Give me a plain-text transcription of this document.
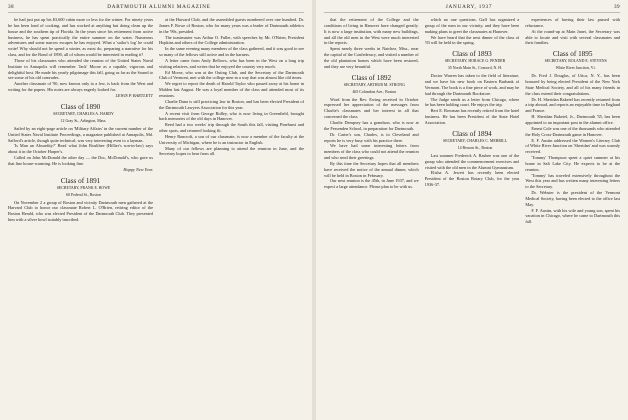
38	DARTMOUTH ALUMNI MAGAZINE

he had just put up his $3,600 cabin more or less for the winter. For ninety years he has been fond of cooking, and has worked at anything but doing clean up the house and the southern tip of Florida. In the years since his retirement from active business, he has spent practically the entire summer on the water. Numerous adventures and some narrow escapes he has enjoyed. What a 'sailor's log' he could write! Why should not he spend a winter, as most do, preparing a narrative for his class, and for the Bond of 1890, all of whom would be interested in reading it?

Those of his classmates who attended the reunion of the United States Naval Institute in Annapolis will remember 'Jack' Moore as a capable, vigorous and delightful host. He made his yearly pilgrimage this fall, going as far as the Sound to see some of his old comrades.

Another classmate of '90, now known only to a few, is back from the West and writing for the papers. His notes are always eagerly looked for.

LEWIS P. BARTLETT

Class of 1890

SECRETARY, CHARLES A. HARDY

12 Gray St., Arlington, Mass.

Sailed by an eight-page article on 'Military Affairs' in the current number of the United States Naval Institute Proceedings, a magazine published at Annapolis, Md. Safford's article, though quite technical, was very interesting even to a layman.

'Is Man an Absurdity?' Read what John Boultbee (Hillier's son-in-law) says about it in the October Harper's.

Called on John McDonald the other day — the Doc, McDonald's, who gave us that fine house-warming. He is looking fine.

Happy New Year.

Class of 1891

SECRETARY, FRANK E. ROWE

60 Federal St., Boston

On November 2 a group of Boston and vicinity Dartmouth men gathered at the Harvard Club to honor our classmate Robert L. O'Brien, retiring editor of the Boston Herald, who was elected President of the Dartmouth Club. They presented him with a silver bowl suitably inscribed.

at the Harvard Club, and the assembled guests numbered over one hundred. Dr. James F. Rowe of Boston, who for many years was a leader of Dartmouth athletics in the '90s, presided.

The toastmaster was Arthur O. Fuller, with speeches by Mr. O'Brien, President Hopkins and others of the College administration.

In the same evening many members of the class gathered, and it was good to see so many of the fellows still active and in the harness.

A letter came from Andy Bellows, who has been in the West on a long trip visiting relatives, and writes that he enjoyed the country very much.

Ed Morse, who was at the Outing Club, and the Secretary of the Dartmouth Club of Vermont, met with the college men in a way that was almost like old times.

We regret to report the death of Harold Taylor who passed away at his home in Malden last August. He was a loyal member of the class and attended most of its reunions.

Charlie Dana is still practicing law in Boston, and has been elected President of the Dartmouth Lawyers Association for this year.

A recent visit from George Ridley, who is now living in Greenfield, brought back memories of the old days in Hanover.

Reed had a two weeks' trip through the South this fall, visiting Pinehurst and other spots, and returned looking fit.

Henry Bancroft, a son of our classmate, is now a member of the faculty at the University of Michigan, where he is an instructor in English.

Many of our fellows are planning to attend the reunion in June, and the Secretary hopes to hear from all.

JANUARY, 1937	39

that the retirement of the College and the conditions of living in Hanover have changed greatly. It is now a large institution, with many new buildings, and all the old men in the West were much interested in the reports.

Spent nearly three weeks in Natchez, Miss., near the capital of the Confederacy, and visited a number of the old plantation homes which have been restored, and they are very beautiful.

Class of 1892

SECRETARY, ARTHUR M. STRONG

465 Columbus Ave., Boston

Word from the Rev. Ewing received in October expressed her appreciation of the messages from Charlie's classmates and her interest in all that concerned the class.

Charlie Dempsey has a grandson, who is now at the Fessenden School, in preparation for Dartmouth.

Dr. Carter's son, Charles, is in Cleveland and reports he is very busy with his practice there.

We have had some interesting letters from members of the class who could not attend the reunion and who send their greetings.

By this time the Secretary hopes that all members have received the notice of the annual dinner, which will be held in Boston in February.

Our next reunion is the 45th, in June 1937, and we expect a large attendance. Please plan to be with us.

which no one questions. Gaff has organized a group of the men in our vicinity, and they have been making plans to greet the classmates at Hanover.

We have heard that the next dinner of the class of '93 will be held in the spring.

Class of 1893

SECRETARY, HORACE G. PENDER

35 North Main St., Concord, N. H.

Doctor Warren has taken to the field of literature, and we have his new book on Eastern Burbank of Vermont. The book is a fine piece of work, and may be had through the Dartmouth Bookstore.

The Judge sends us a letter from Chicago, where he has been holding court. He enjoys the trip.

Bert E. Bowman has recently retired from the hotel business. He has been President of the State Hotel Association.

Class of 1894

SECRETARY, CHARLES C. MERRILL

14 Beacon St., Boston

Last summer Frederick A. Rasbee was one of the group who attended the commencement exercises and visited with the old men in the Alumni Gymnasium.

Elisha A. Jewett has recently been elected President of the Boston Rotary Club, for the year 1936-37.

experiences of having their law passed with reluctance.

At the round-up at Main Janet, the Secretary was able to locate and visit with several classmates and their families.

Class of 1895

SECRETARY, ROLAND E. STEVENS

White River Junction, Vt.

Dr. Fred J. Douglas, of Utica, N. Y., has been honored by being elected President of the New York State Medical Society, and all of his many friends in the class extend their congratulations.

Dr. H. Sheridan Baketel has recently returned from a trip abroad, and reports an enjoyable time in England and France.

H. Sheridan Baketel, Jr., Dartmouth '35, has been appointed to an important post in the alumni office.

Ernest Cole was one of the thousands who attended the Holy Cross-Dartmouth game in Hanover.

E. F. Austin addressed the Women's Literary Club of White River Junction on 'Sheridan' and was warmly received.

'Tommy' Thompson spent a quiet summer at his home in Salt Lake City. He expects to be at the reunion.

'Tommy' has traveled extensively throughout the West this year and has written many interesting letters to the Secretary.

Dr. Webster is the president of the Vermont Medical Society, having been elected to the office last May.

F. F. Austin, with his wife and young son, spent his vacation in Chicago, where he came to Dartmouth this fall.
